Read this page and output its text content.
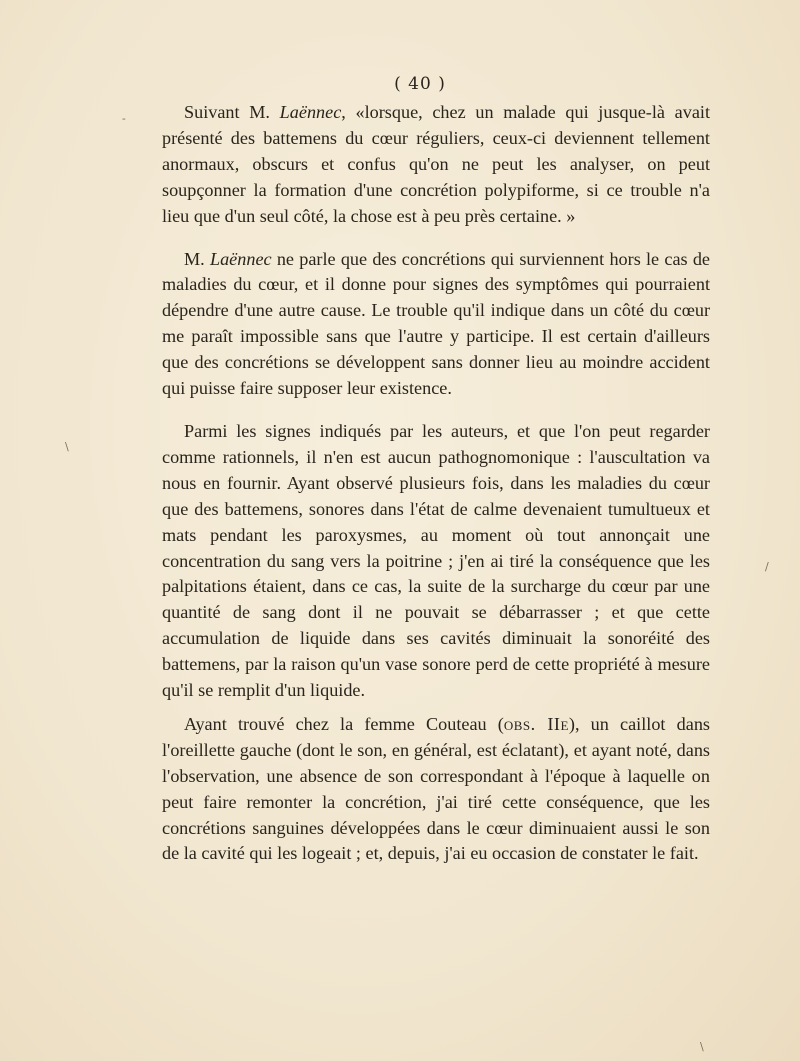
( 40 )

Suivant M. Laënnec, «lorsque, chez un malade qui jusque-là avait présenté des battemens du cœur réguliers, ceux-ci deviennent tellement anormaux, obscurs et confus qu'on ne peut les analyser, on peut soupçonner la formation d'une concrétion polypiforme, si ce trouble n'a lieu que d'un seul côté, la chose est à peu près certaine. »

M. Laënnec ne parle que des concrétions qui surviennent hors le cas de maladies du cœur, et il donne pour signes des symptômes qui pourraient dépendre d'une autre cause. Le trouble qu'il indique dans un côté du cœur me paraît impossible sans que l'autre y participe. Il est certain d'ailleurs que des concrétions se développent sans donner lieu au moindre accident qui puisse faire supposer leur existence.

Parmi les signes indiqués par les auteurs, et que l'on peut regarder comme rationnels, il n'en est aucun pathognomonique : l'auscultation va nous en fournir. Ayant observé plusieurs fois, dans les maladies du cœur que des battemens, sonores dans l'état de calme devenaient tumultueux et mats pendant les paroxysmes, au moment où tout annonçait une concentration du sang vers la poitrine ; j'en ai tiré la conséquence que les palpitations étaient, dans ce cas, la suite de la surcharge du cœur par une quantité de sang dont il ne pouvait se débarrasser ; et que cette accumulation de liquide dans ses cavités diminuait la sonoréité des battemens, par la raison qu'un vase sonore perd de cette propriété à mesure qu'il se remplit d'un liquide.

Ayant trouvé chez la femme Couteau (obs. IIe), un caillot dans l'oreillette gauche (dont le son, en général, est éclatant), et ayant noté, dans l'observation, une absence de son correspondant à l'époque à laquelle on peut faire remonter la concrétion, j'ai tiré cette conséquence, que les concrétions sanguines développées dans le cœur diminuaient aussi le son de la cavité qui les logeait ; et, depuis, j'ai eu occasion de constater le fait.

-
\
/
\
